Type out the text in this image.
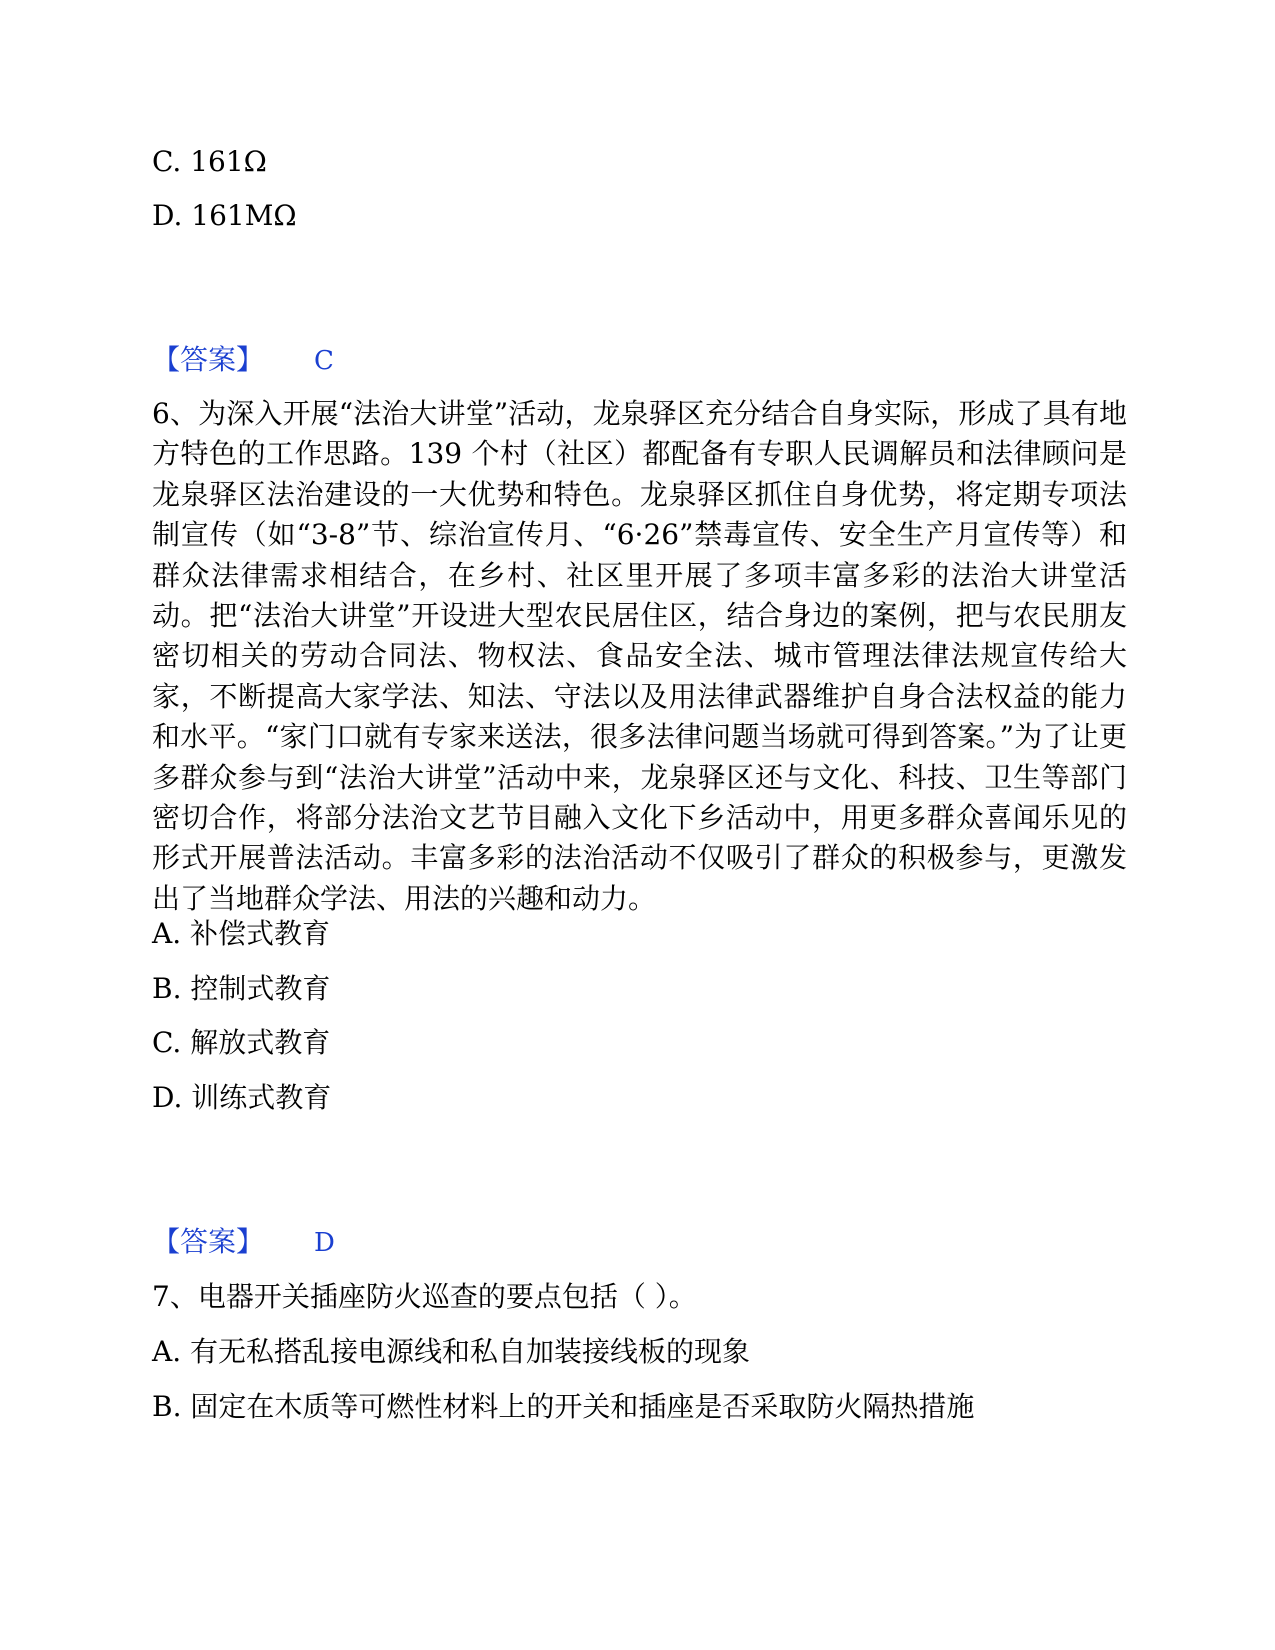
C. 161Ω
D. 161MΩ
【答案】 C
6、为深入开展“法治大讲堂”活动，龙泉驿区充分结合自身实际，形成了具有地方特色的工作思路。139 个村（社区）都配备有专职人民调解员和法律顾问是龙泉驿区法治建设的一大优势和特色。龙泉驿区抓住自身优势，将定期专项法制宣传（如“3-8”节、综治宣传月、“6·26”禁毒宣传、安全生产月宣传等）和群众法律需求相结合，在乡村、社区里开展了多项丰富多彩的法治大讲堂活动。把“法治大讲堂”开设进大型农民居住区，结合身边的案例，把与农民朋友密切相关的劳动合同法、物权法、食品安全法、城市管理法律法规宣传给大家，不断提高大家学法、知法、守法以及用法律武器维护自身合法权益的能力和水平。“家门口就有专家来送法，很多法律问题当场就可得到答案。”为了让更多群众参与到“法治大讲堂”活动中来，龙泉驿区还与文化、科技、卫生等部门密切合作，将部分法治文艺节目融入文化下乡活动中，用更多群众喜闻乐见的形式开展普法活动。丰富多彩的法治活动不仅吸引了群众的积极参与，更激发出了当地群众学法、用法的兴趣和动力。
A. 补偿式教育
B. 控制式教育
C. 解放式教育
D. 训练式教育
【答案】 D
7、电器开关插座防火巡查的要点包括（ ）。
A. 有无私搭乱接电源线和私自加装接线板的现象
B. 固定在木质等可燃性材料上的开关和插座是否采取防火隔热措施
